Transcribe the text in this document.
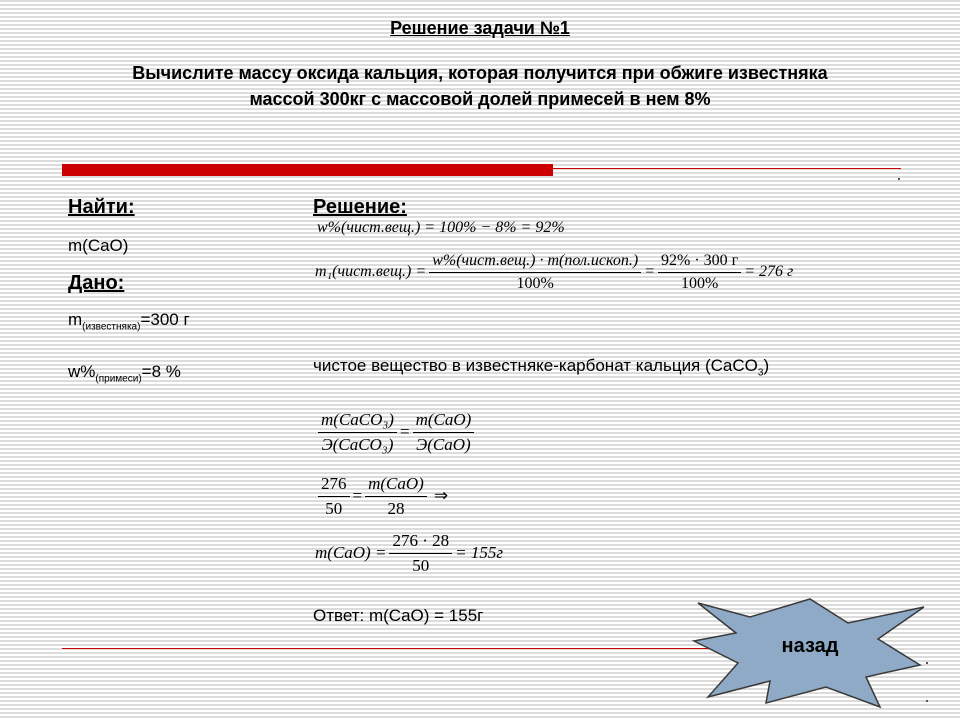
Решение задачи №1
Вычислите массу оксида кальция, которая получится при обжиге известняка
массой 300кг с массовой долей примесей в нем 8%
Найти:
m(CaO)
Дано:
$m_{(известняка)}=300$ г
$w\%_{(примеси)}=8$ %
Решение:
w%(чист.вещ.) = 100% − 8% = 92%
m₁(чист.вещ.) = $\frac{\text{w\%(чист.вещ.) · m(пол.ископ.)}}{100\%} = \frac{92\% \cdot 300 г}{100\%} = 276$ г
чистое вещество в известняке-карбонат кальция (CaCO$_3$)
$\frac{\text{m(CaCO₃)}}{\text{Э(CaCO₃)}} = \frac{\text{m(CaO)}}{\text{Э(CaO)}}$
$\frac{276}{50} = \frac{\text{m(CaO)}}{28}$ ⇒
$m(CaO) = \frac{276 \cdot 28}{50} = 155г$
Ответ: m(CaO) = 155г
назад
